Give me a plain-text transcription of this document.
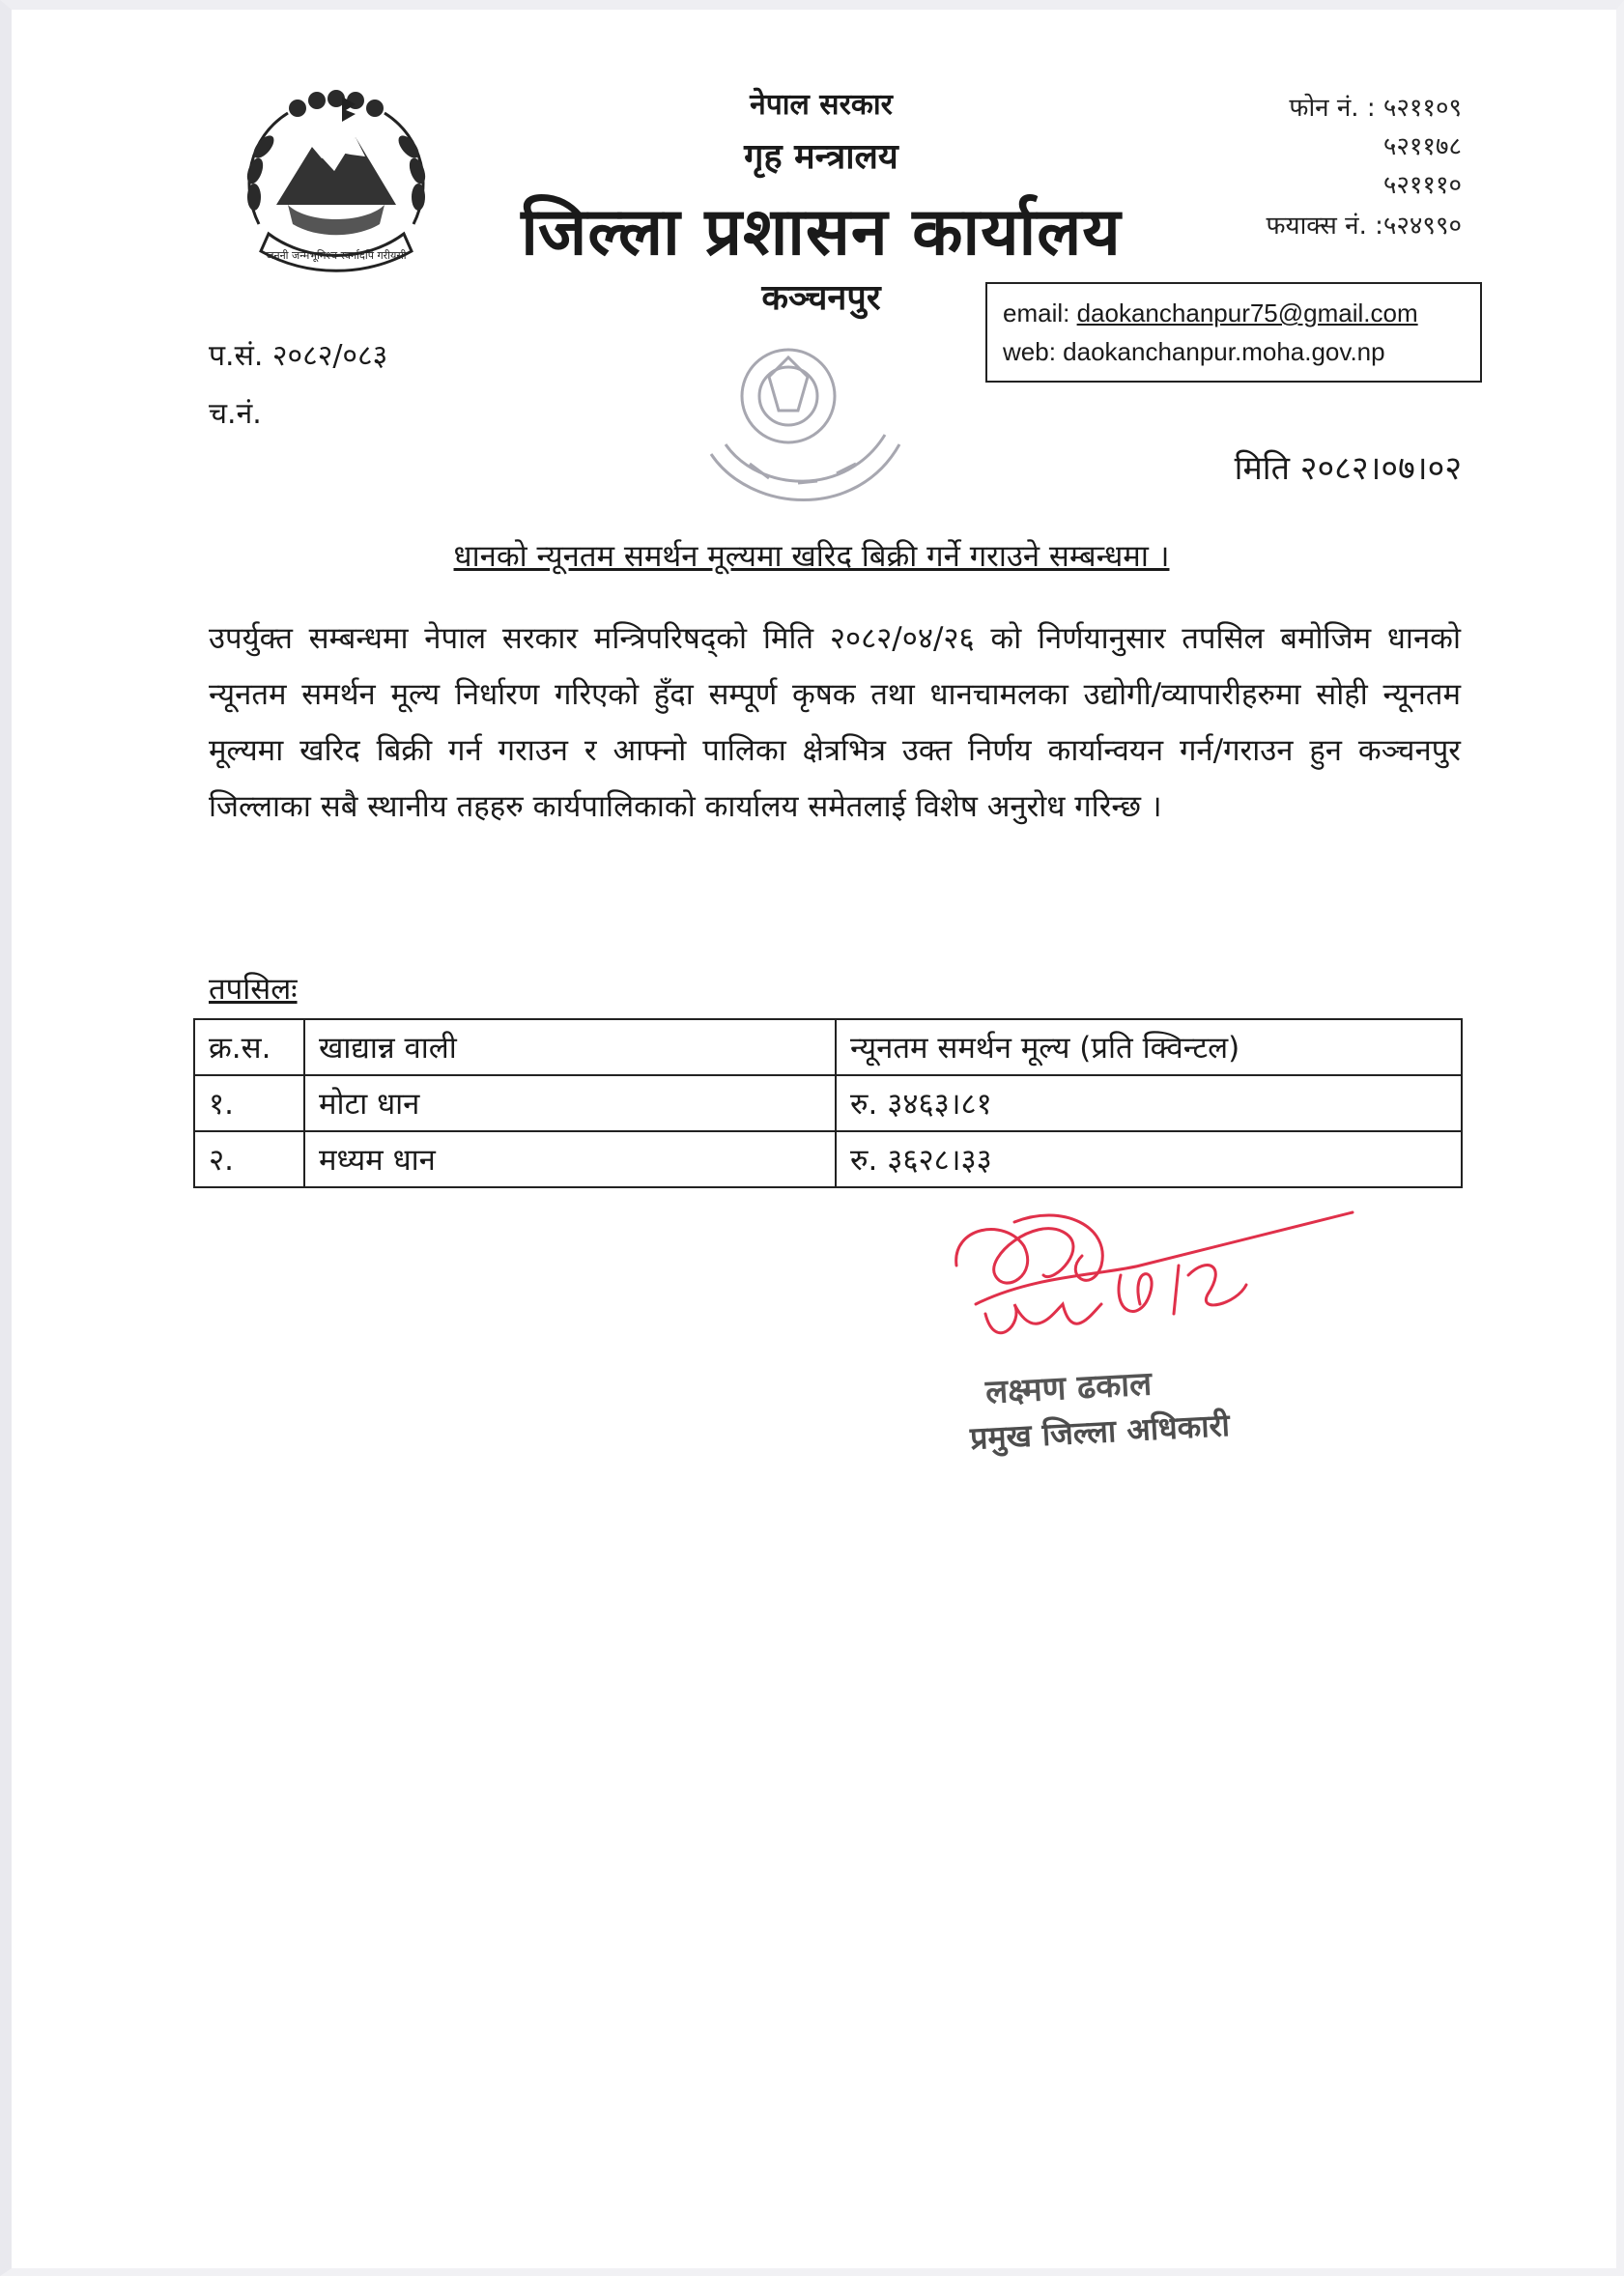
जननी जन्मभूमिश्च स्वर्गादपि गरीयसी
नेपाल सरकार
गृह मन्त्रालय
जिल्ला प्रशासन कार्यालय
कञ्चनपुर
फोन नं. : ५२११०९
५२११७८
५२१११०
फयाक्स नं. :५२४९९०
email: daokanchanpur75@gmail.com
web: daokanchanpur.moha.gov.np
प.सं. २०८२/०८३
च.नं.
मिति २०८२।०७।०२
धानको न्यूनतम समर्थन मूल्यमा खरिद बिक्री गर्ने गराउने सम्बन्धमा ।
उपर्युक्त सम्बन्धमा नेपाल सरकार मन्त्रिपरिषद्को मिति २०८२/०४/२६ को निर्णयानुसार तपसिल बमोजिम धानको न्यूनतम समर्थन मूल्य निर्धारण गरिएको हुँदा सम्पूर्ण कृषक तथा धानचामलका उद्योगी/व्यापारीहरुमा सोही न्यूनतम मूल्यमा खरिद बिक्री गर्न गराउन र आफ्नो पालिका क्षेत्रभित्र उक्त निर्णय कार्यान्वयन गर्न/गराउन हुन कञ्चनपुर जिल्लाका सबै स्थानीय तहहरु कार्यपालिकाको कार्यालय समेतलाई विशेष अनुरोध गरिन्छ ।
तपसिलः
क्र.स.	खाद्यान्न वाली	न्यूनतम समर्थन मूल्य (प्रति क्विन्टल)
१.	मोटा धान	रु. ३४६३।८१
२.	मध्यम धान	रु. ३६२८।३३
लक्ष्मण ढकाल
प्रमुख जिल्ला अधिकारी
